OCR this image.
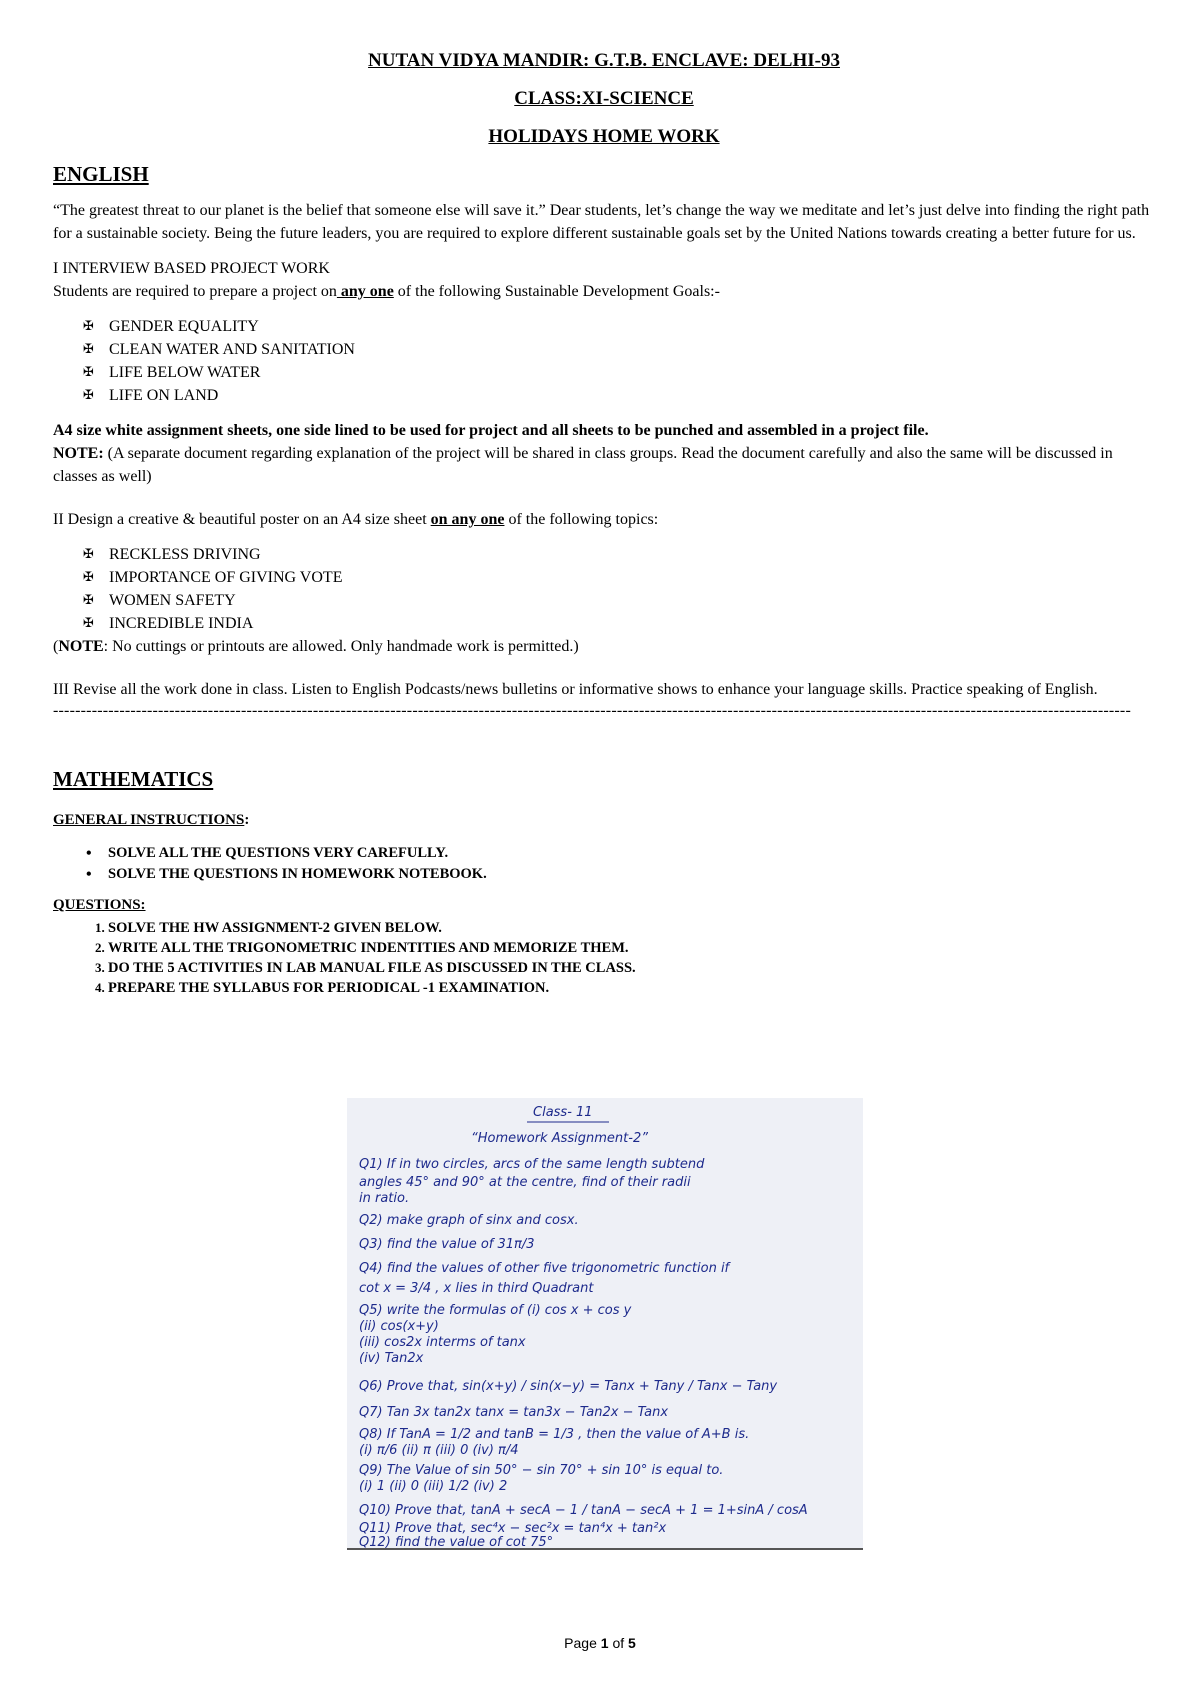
NUTAN VIDYA MANDIR: G.T.B. ENCLAVE: DELHI-93
CLASS:XI-SCIENCE
HOLIDAYS HOME WORK
ENGLISH

“The greatest threat to our planet is the belief that someone else will save it.” Dear students, let’s change the way we meditate and let’s just delve into finding the right path for a sustainable society. Being the future leaders, you are required to explore different sustainable goals set by the United Nations towards creating a better future for us.

I INTERVIEW BASED PROJECT WORK

Students are required to prepare a project on any one of the following Sustainable Development Goals:-

✠ GENDER EQUALITY
✠ CLEAN WATER AND SANITATION
✠ LIFE BELOW WATER
✠ LIFE ON LAND

A4 size white assignment sheets, one side lined to be used for project and all sheets to be punched and assembled in a project file.

NOTE: (A separate document regarding explanation of the project will be shared in class groups. Read the document carefully and also the same will be discussed in classes as well)

II Design a creative & beautiful poster on an A4 size sheet on any one of the following topics:

✠ RECKLESS DRIVING
✠ IMPORTANCE OF GIVING VOTE
✠ WOMEN SAFETY
✠ INCREDIBLE INDIA

(NOTE: No cuttings or printouts are allowed. Only handmade work is permitted.)

III Revise all the work done in class. Listen to English Podcasts/news bulletins or informative shows to enhance your language skills. Practice speaking of English.

---------------------------------------------------------------------------------------------------------------------------------------------------------------------------------------------------
MATHEMATICS
GENERAL INSTRUCTIONS:
• SOLVE ALL THE QUESTIONS VERY CAREFULLY.
• SOLVE THE QUESTIONS IN HOMEWORK NOTEBOOK.
QUESTIONS:
1. SOLVE THE HW ASSIGNMENT-2 GIVEN BELOW.
2. WRITE ALL THE TRIGONOMETRIC INDENTITIES AND MEMORIZE THEM.
3. DO THE 5 ACTIVITIES IN LAB MANUAL FILE AS DISCUSSED IN THE CLASS.
4. PREPARE THE SYLLABUS FOR PERIODICAL -1 EXAMINATION.
Class- 11
“Homework Assignment-2”
Q1) If in two circles, arcs of the same length subtend
angles 45° and 90° at the centre, find of their radii
in ratio.
Q2) make graph of sinx and cosx.
Q3) find the value of 31π/3
Q4) find the values of other five trigonometric function if
cot x = 3/4 , x lies in third Quadrant
Q5) write the formulas of (i) cos x + cos y
(ii) cos(x+y)
(iii) cos2x interms of tanx
(iv) Tan2x
Q6) Prove that, sin(x+y) / sin(x−y) = Tanx + Tany / Tanx − Tany
Q7) Tan 3x tan2x tanx = tan3x − Tan2x − Tanx
Q8) If TanA = 1/2 and tanB = 1/3 , then the value of A+B is.
(i) π/6 (ii) π (iii) 0 (iv) π/4
Q9) The Value of sin 50° − sin 70° + sin 10° is equal to.
(i) 1 (ii) 0 (iii) 1/2 (iv) 2
Q10) Prove that, tanA + secA − 1 / tanA − secA + 1 = 1+sinA / cosA
Q11) Prove that, sec⁴x − sec²x = tan⁴x + tan²x
Q12) find the value of cot 75°
Page 1 of 5
